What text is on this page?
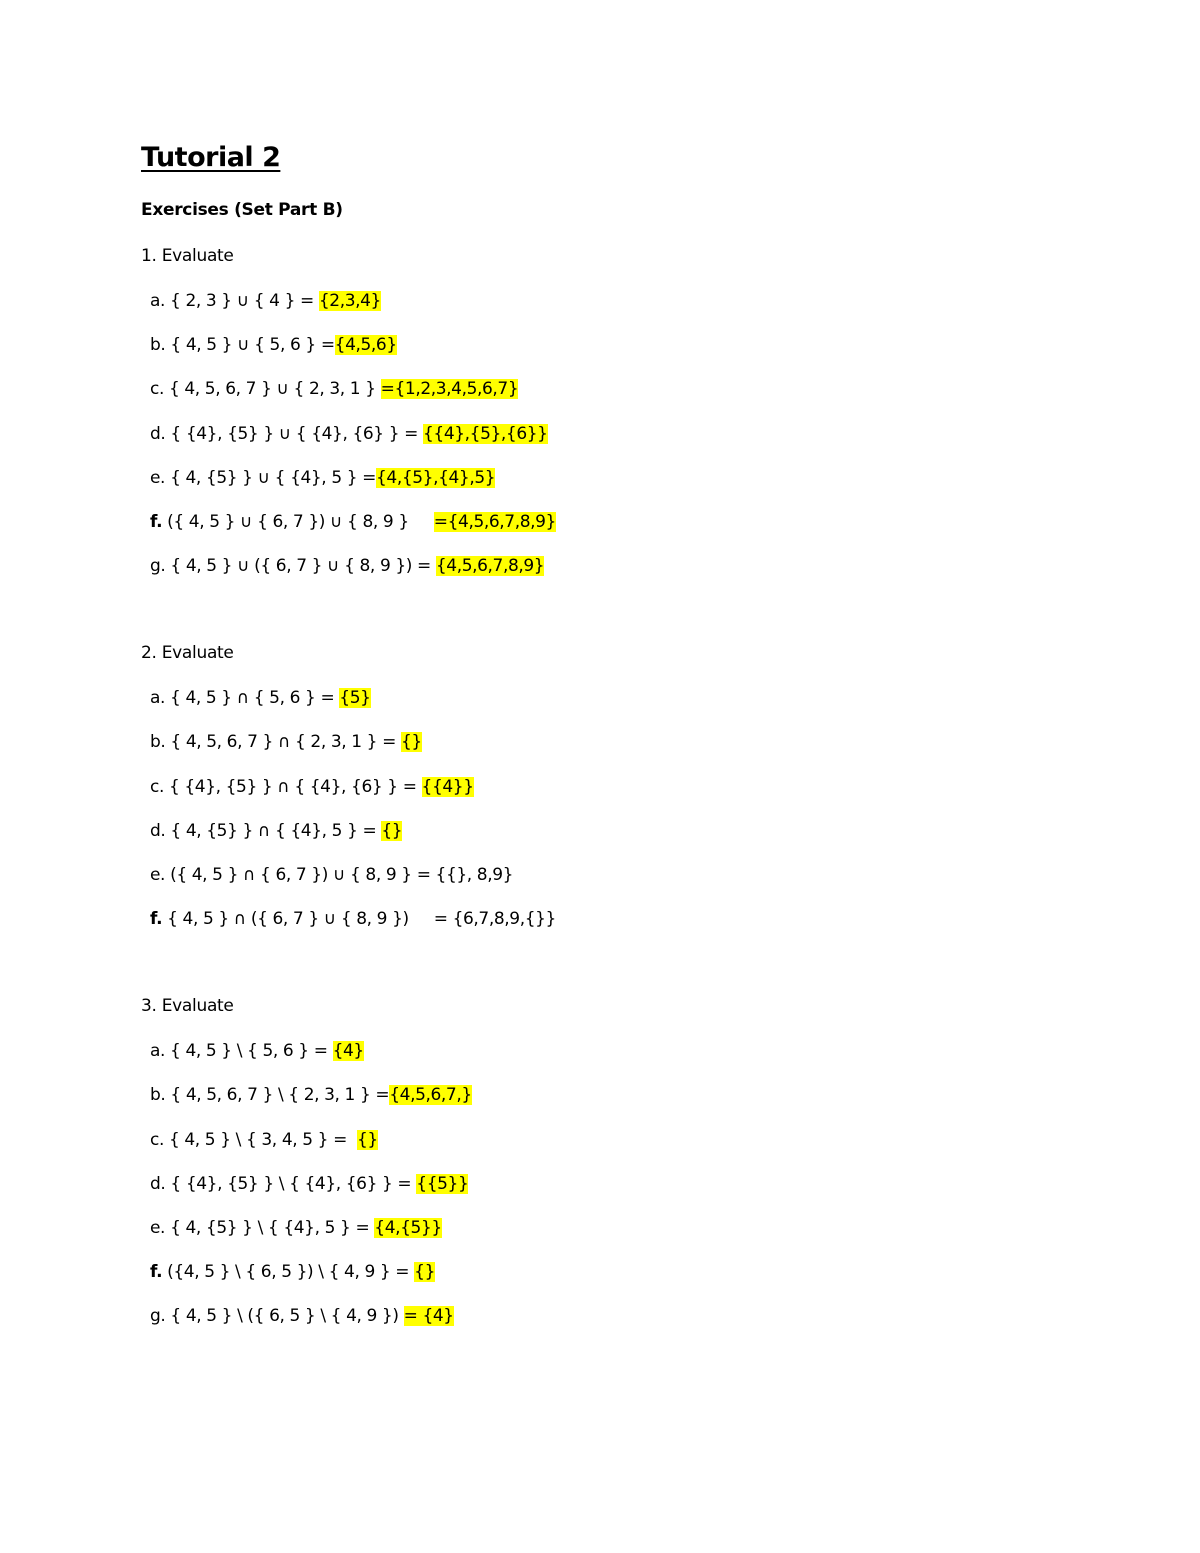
Tutorial 2
Exercises (Set Part B)
1. Evaluate
a. { 2, 3 } ∪ { 4 } = {2,3,4}
b. { 4, 5 } ∪ { 5, 6 } ={4,5,6}
c. { 4, 5, 6, 7 } ∪ { 2, 3, 1 } ={1,2,3,4,5,6,7}
d. { {4}, {5} } ∪ { {4}, {6} } = {{4},{5},{6}}
e. { 4, {5} } ∪ { {4}, 5 } ={4,{5},{4},5}
f. ({ 4, 5 } ∪ { 6, 7 }) ∪ { 8, 9 }     ={4,5,6,7,8,9}
g. { 4, 5 } ∪ ({ 6, 7 } ∪ { 8, 9 }) = {4,5,6,7,8,9}
2. Evaluate
a. { 4, 5 } ∩ { 5, 6 } = {5}
b. { 4, 5, 6, 7 } ∩ { 2, 3, 1 } = {}
c. { {4}, {5} } ∩ { {4}, {6} } = {{4}}
d. { 4, {5} } ∩ { {4}, 5 } = {}
e. ({ 4, 5 } ∩ { 6, 7 }) ∪ { 8, 9 } = {{}, 8,9}
f. { 4, 5 } ∩ ({ 6, 7 } ∪ { 8, 9 })     = {6,7,8,9,{}}
3. Evaluate
a. { 4, 5 } \ { 5, 6 } = {4}
b. { 4, 5, 6, 7 } \ { 2, 3, 1 } ={4,5,6,7,}
c. { 4, 5 } \ { 3, 4, 5 } =  {}
d. { {4}, {5} } \ { {4}, {6} } = {{5}}
e. { 4, {5} } \ { {4}, 5 } = {4,{5}}
f. ({4, 5 } \ { 6, 5 }) \ { 4, 9 } = {}
g. { 4, 5 } \ ({ 6, 5 } \ { 4, 9 }) = {4}
